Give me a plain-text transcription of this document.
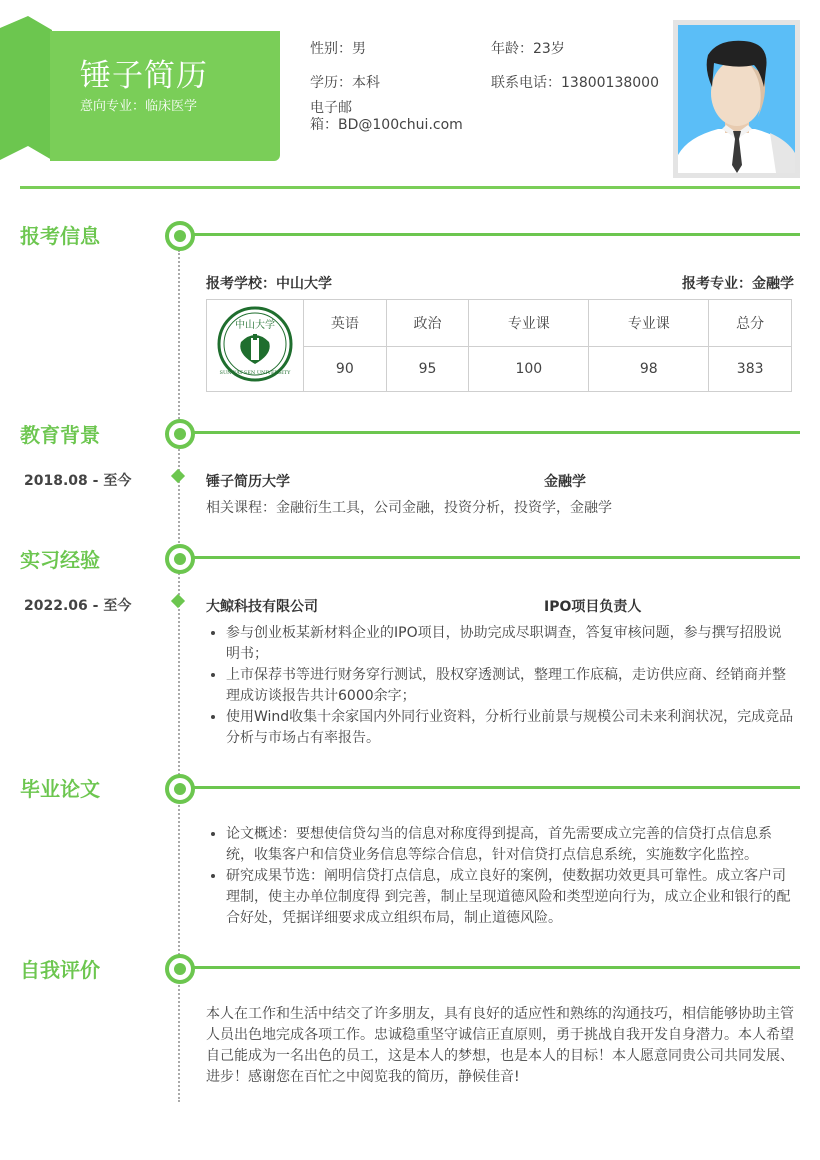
锤子简历
意向专业：临床医学
性别：男	年龄：23岁
学历：本科	联系电话：13800138000
电子邮
箱：BD@100chui.com
报考信息
报考学校：中山大学	报考专业：金融学
中山大学
SUN YAT-SEN UNIVERSITY	英语	政治	专业课	专业课	总分
	90	95	100	98	383
教育背景
2018.08 - 至今	锤子简历大学	金融学
相关课程：金融衍生工具，公司金融，投资分析，投资学，金融学
实习经验
2022.06 - 至今	大鲸科技有限公司	IPO项目负责人
• 参与创业板某新材料企业的IPO项目，协助完成尽职调查，答复审核问题，参与撰写招股说明书；
• 上市保荐书等进行财务穿行测试，股权穿透测试，整理工作底稿，走访供应商、经销商并整理成访谈报告共计6000余字；
• 使用Wind收集十余家国内外同行业资料，分析行业前景与规模公司未来利润状况，完成竞品分析与市场占有率报告。
毕业论文
• 论文概述：要想使信贷勾当的信息对称度得到提高，首先需要成立完善的信贷打点信息系统，收集客户和信贷业务信息等综合信息，针对信贷打点信息系统，实施数字化监控。
• 研究成果节选：阐明信贷打点信息，成立良好的案例，使数据功效更具可靠性。成立客户司理制，使主办单位制度得 到完善，制止呈现道德风险和类型逆向行为，成立企业和银行的配合好处，凭据详细要求成立组织布局，制止道德风险。
自我评价
本人在工作和生活中结交了许多朋友，具有良好的适应性和熟练的沟通技巧，相信能够协助主管人员出色地完成各项工作。忠诚稳重坚守诚信正直原则，勇于挑战自我开发自身潜力。本人希望自己能成为一名出色的员工，这是本人的梦想，也是本人的目标！本人愿意同贵公司共同发展、进步！感谢您在百忙之中阅览我的简历，静候佳音!
